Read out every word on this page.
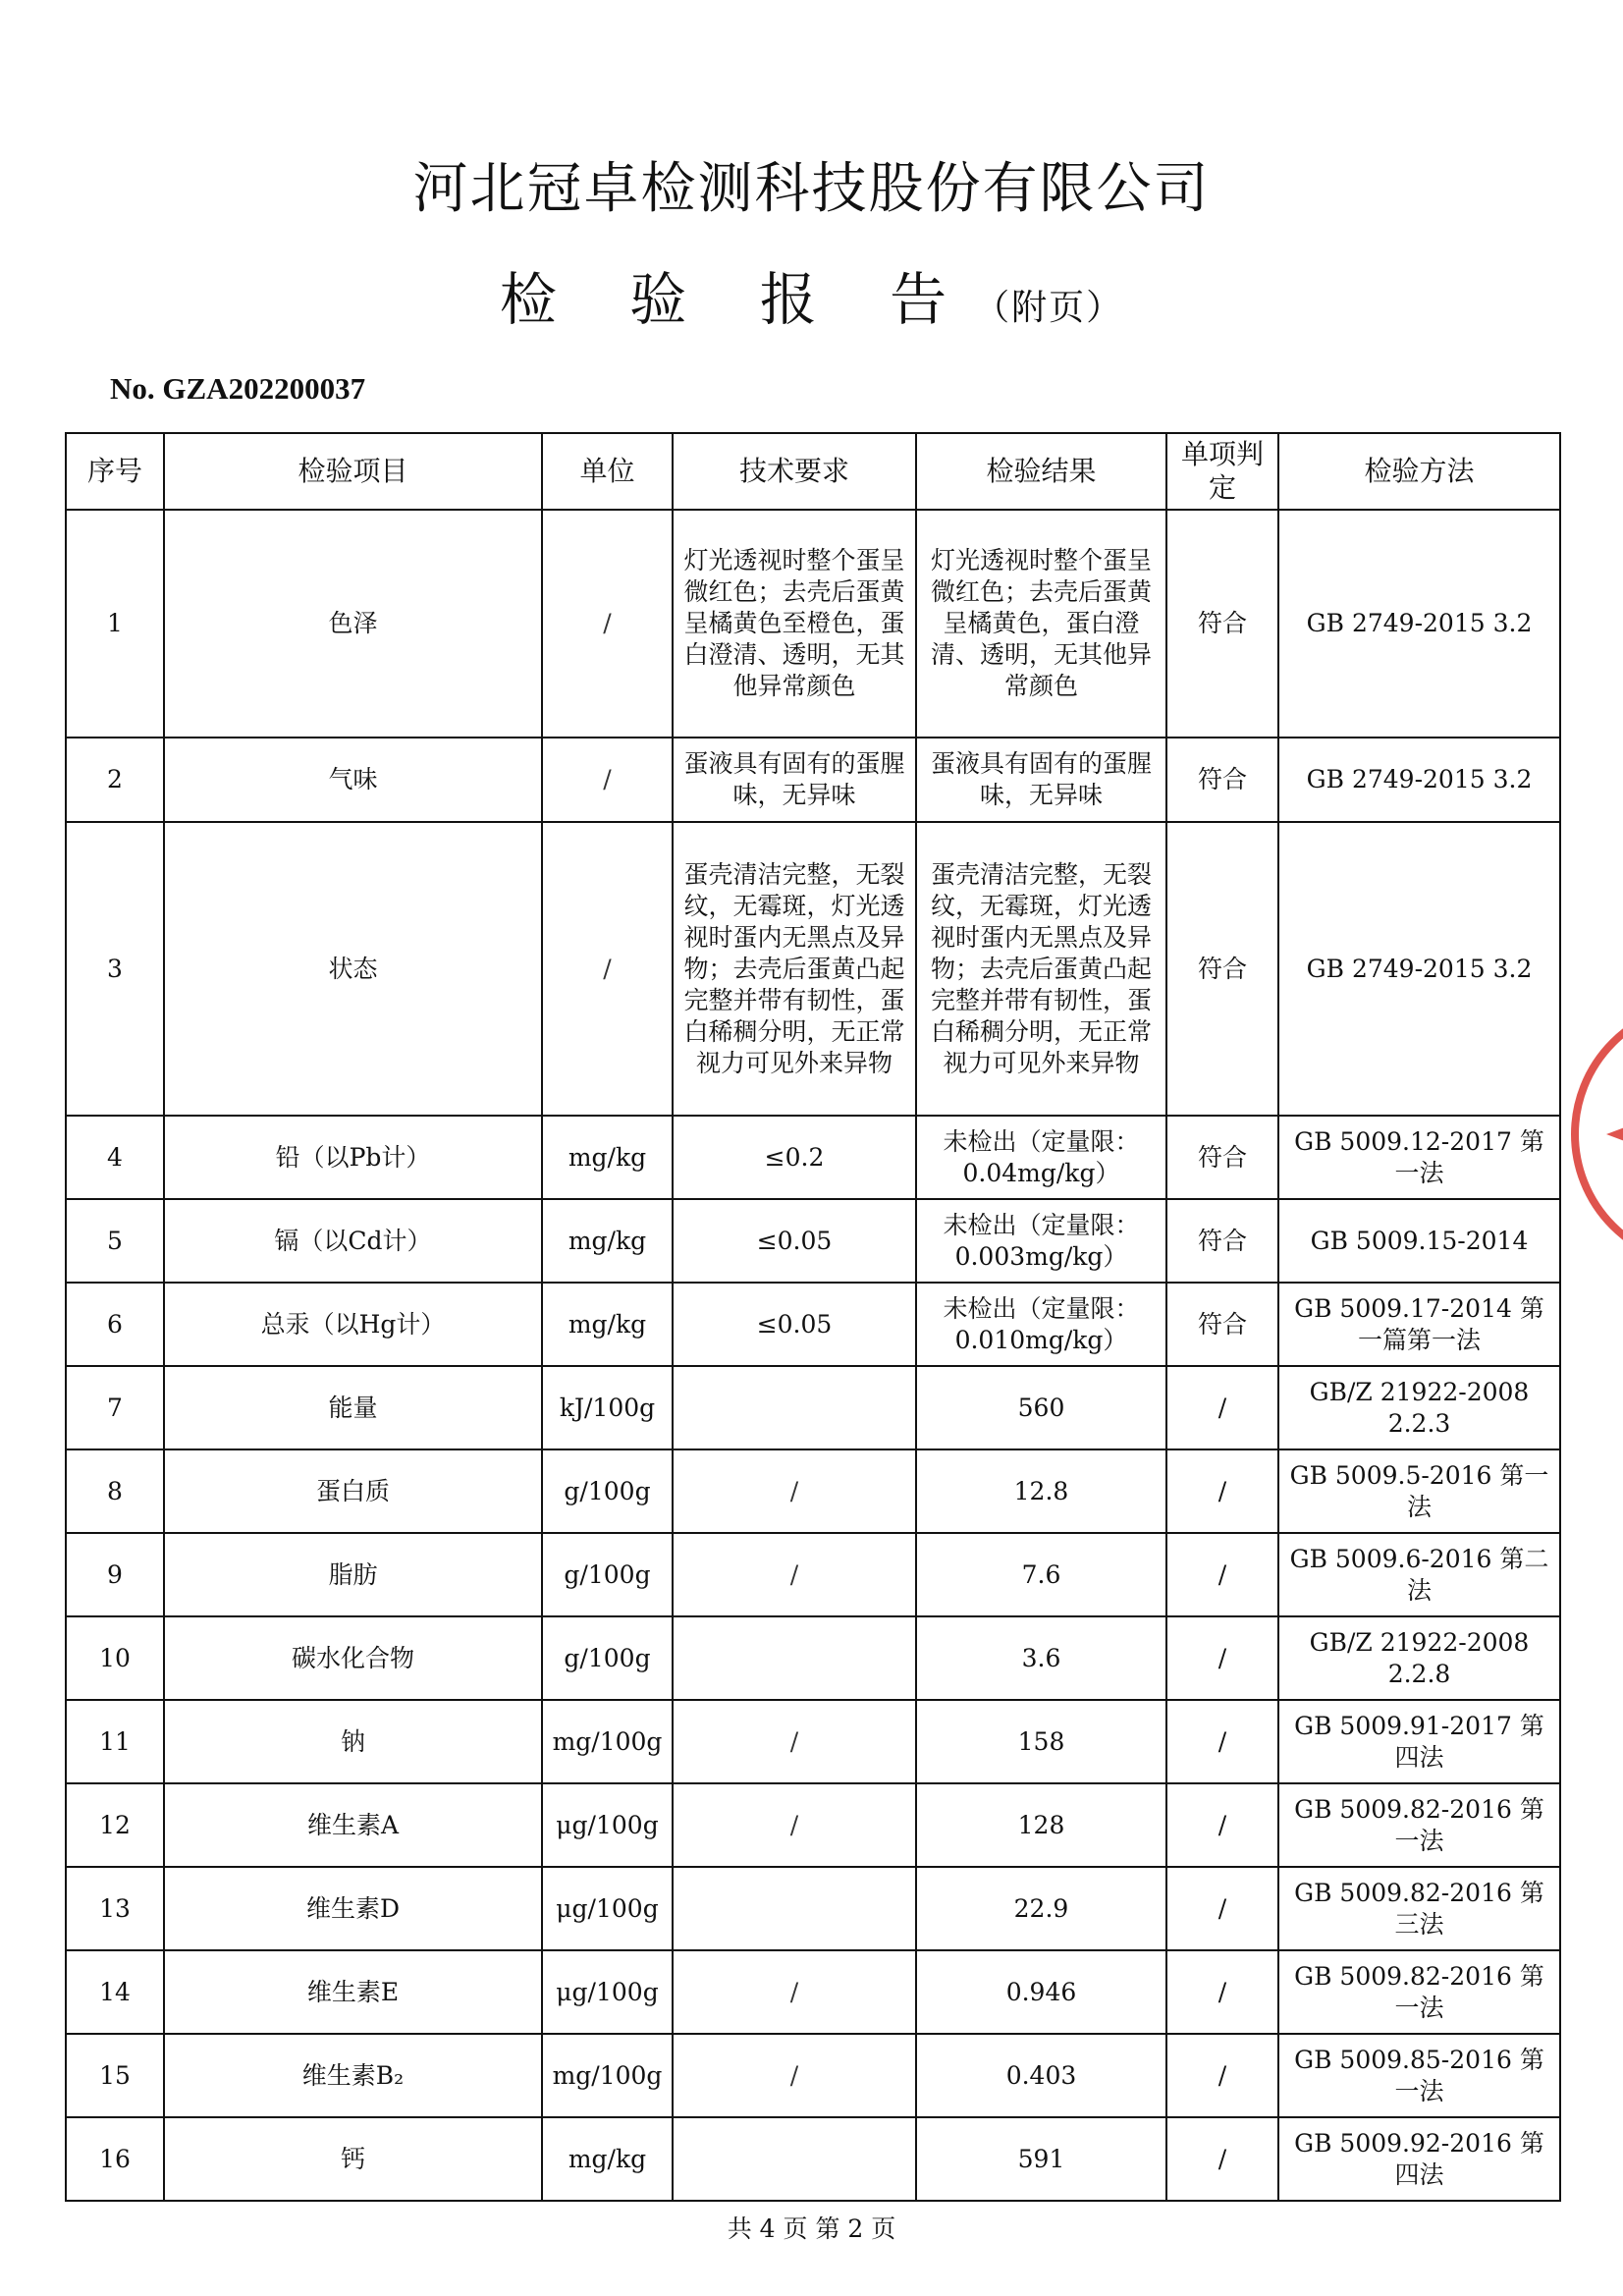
河北冠卓检测科技股份有限公司
检 验 报 告（附页）
No. GZA202200037
序号	检验项目	单位	技术要求	检验结果	单项判定	检验方法
1	色泽	/	灯光透视时整个蛋呈微红色；去壳后蛋黄呈橘黄色至橙色，蛋白澄清、透明，无其他异常颜色	灯光透视时整个蛋呈微红色；去壳后蛋黄呈橘黄色，蛋白澄清、透明，无其他异常颜色	符合	GB 2749-2015 3.2
2	气味	/	蛋液具有固有的蛋腥味，无异味	蛋液具有固有的蛋腥味，无异味	符合	GB 2749-2015 3.2
3	状态	/	蛋壳清洁完整，无裂纹，无霉斑，灯光透视时蛋内无黑点及异物；去壳后蛋黄凸起完整并带有韧性，蛋白稀稠分明，无正常视力可见外来异物	蛋壳清洁完整，无裂纹，无霉斑，灯光透视时蛋内无黑点及异物；去壳后蛋黄凸起完整并带有韧性，蛋白稀稠分明，无正常视力可见外来异物	符合	GB 2749-2015 3.2
4	铅（以Pb计）	mg/kg	≤0.2	未检出（定量限：0.04mg/kg）	符合	GB 5009.12-2017 第一法
5	镉（以Cd计）	mg/kg	≤0.05	未检出（定量限：0.003mg/kg）	符合	GB 5009.15-2014
6	总汞（以Hg计）	mg/kg	≤0.05	未检出（定量限：0.010mg/kg）	符合	GB 5009.17-2014 第一篇第一法
7	能量	kJ/100g		560	/	GB/Z 21922-2008 2.2.3
8	蛋白质	g/100g	/	12.8	/	GB 5009.5-2016 第一法
9	脂肪	g/100g	/	7.6	/	GB 5009.6-2016 第二法
10	碳水化合物	g/100g		3.6	/	GB/Z 21922-2008 2.2.8
11	钠	mg/100g	/	158	/	GB 5009.91-2017 第四法
12	维生素A	μg/100g	/	128	/	GB 5009.82-2016 第一法
13	维生素D	μg/100g		22.9	/	GB 5009.82-2016 第三法
14	维生素E	μg/100g	/	0.946	/	GB 5009.82-2016 第一法
15	维生素B₂	mg/100g	/	0.403	/	GB 5009.85-2016 第一法
16	钙	mg/kg		591	/	GB 5009.92-2016 第四法
共 4 页 第 2 页
